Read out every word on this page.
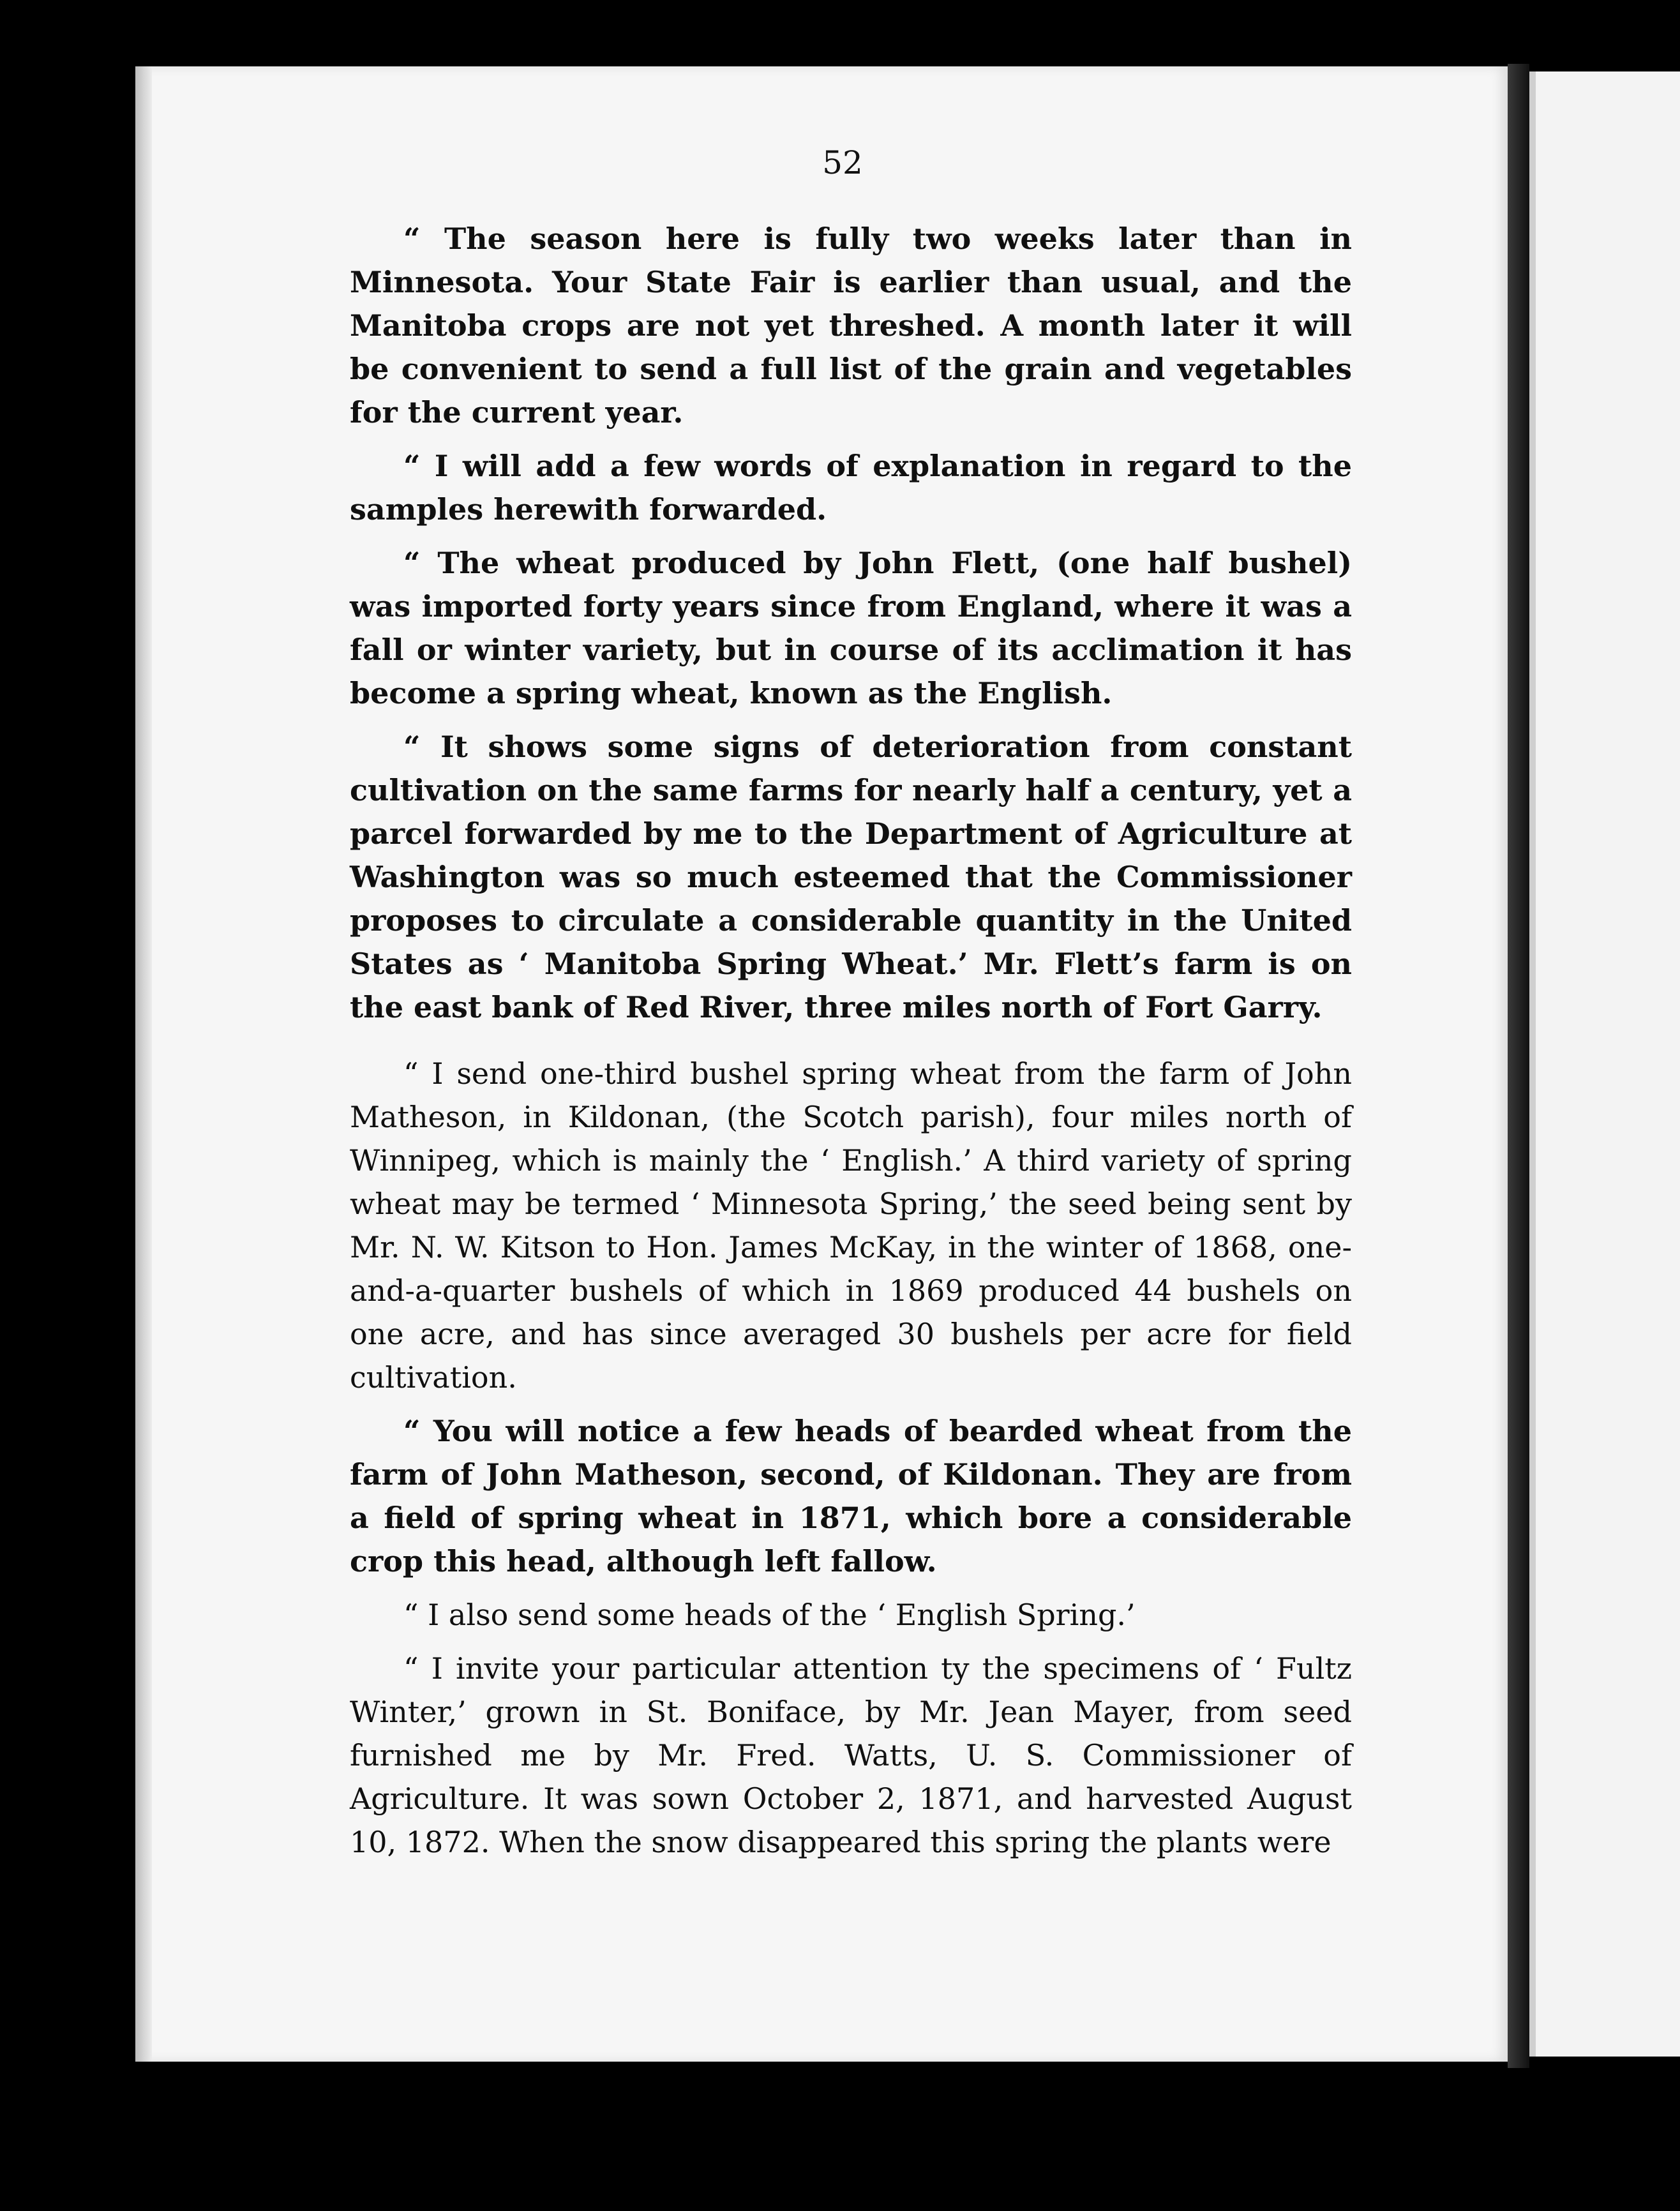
52

“ The season here is fully two weeks later than in Minnesota. Your State Fair is earlier than usual, and the Manitoba crops are not yet threshed. A month later it will be convenient to send a full list of the grain and vegetables for the current year.

“ I will add a few words of explanation in regard to the samples herewith forwarded.

“ The wheat produced by John Flett, (one half bushel) was imported forty years since from England, where it was a fall or winter variety, but in course of its acclimation it has become a spring wheat, known as the English.

“ It shows some signs of deterioration from constant cultivation on the same farms for nearly half a century, yet a parcel forwarded by me to the Department of Agriculture at Washington was so much esteemed that the Commissioner proposes to circulate a considerable quantity in the United States as ‘ Manitoba Spring Wheat.’ Mr. Flett’s farm is on the east bank of Red River, three miles north of Fort Garry.

“ I send one-third bushel spring wheat from the farm of John Matheson, in Kildonan, (the Scotch parish), four miles north of Winnipeg, which is mainly the ‘ English.’ A third variety of spring wheat may be termed ‘ Minnesota Spring,’ the seed being sent by Mr. N. W. Kitson to Hon. James McKay, in the winter of 1868, one-and-a-quarter bushels of which in 1869 produced 44 bushels on one acre, and has since averaged 30 bushels per acre for field cultivation.

“ You will notice a few heads of bearded wheat from the farm of John Matheson, second, of Kildonan. They are from a field of spring wheat in 1871, which bore a considerable crop this head, although left fallow.

“ I also send some heads of the ‘ English Spring.’

“ I invite your particular attention ty the specimens of ‘ Fultz Winter,’ grown in St. Boniface, by Mr. Jean Mayer, from seed furnished me by Mr. Fred. Watts, U. S. Commissioner of Agriculture. It was sown October 2, 1871, and harvested August 10, 1872. When the snow disappeared this spring the plants were
